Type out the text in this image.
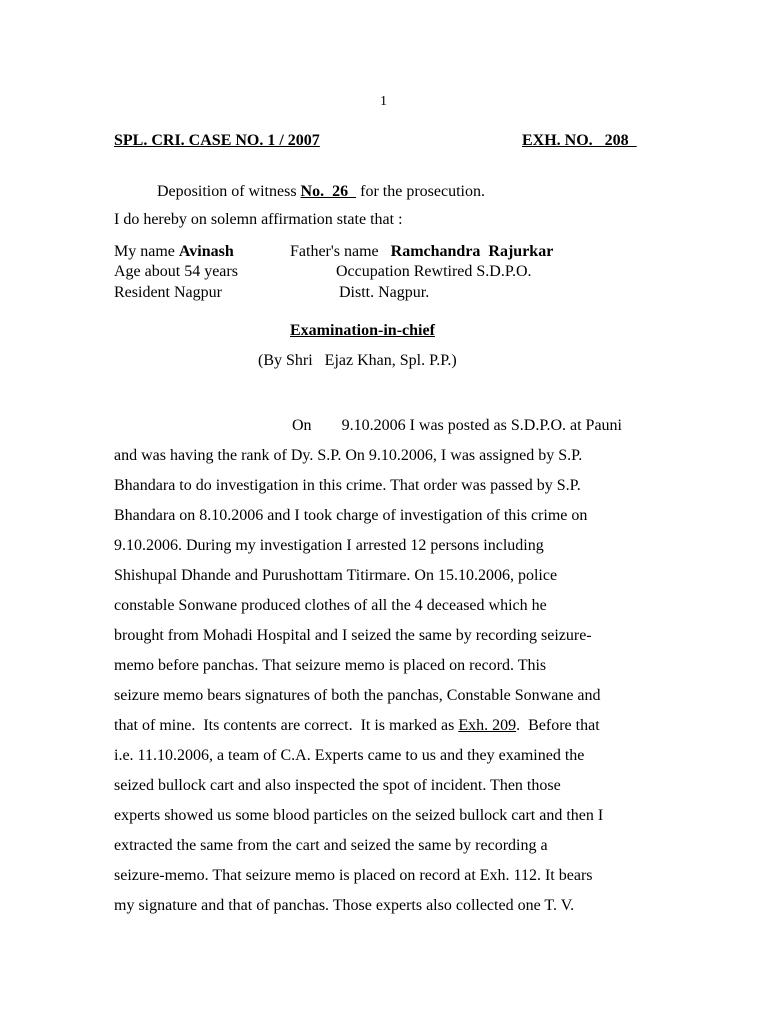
1
SPL. CRI. CASE NO. 1 / 2007	EXH. NO.   208
Deposition of witness No.  26   for the prosecution.
I do hereby on solemn affirmation state that :
My name Avinash	Father's name   Ramchandra  Rajurkar
Age about 54 years	Occupation Rewtired S.D.P.O.
Resident Nagpur	Distt. Nagpur.
Examination-in-chief
(By Shri   Ejaz Khan, Spl. P.P.)
On 9.10.2006 I was posted as S.D.P.O. at Pauni
and was having the rank of Dy. S.P. On 9.10.2006, I was assigned by S.P.
Bhandara to do investigation in this crime. That order was passed by S.P.
Bhandara on 8.10.2006 and I took charge of investigation of this crime on
9.10.2006. During my investigation I arrested 12 persons including
Shishupal Dhande and Purushottam Titirmare. On 15.10.2006, police
constable Sonwane produced clothes of all the 4 deceased which he
brought from Mohadi Hospital and I seized the same by recording seizure-
memo before panchas. That seizure memo is placed on record. This
seizure memo bears signatures of both the panchas, Constable Sonwane and
that of mine.  Its contents are correct.  It is marked as Exh. 209 .  Before that
i.e. 11.10.2006, a team of C.A. Experts came to us and they examined the
seized bullock cart and also inspected the spot of incident. Then those
experts showed us some blood particles on the seized bullock cart and then I
extracted the same from the cart and seized the same by recording a
seizure-memo. That seizure memo is placed on record at Exh. 112. It bears
my signature and that of panchas. Those experts also collected one T. V.
